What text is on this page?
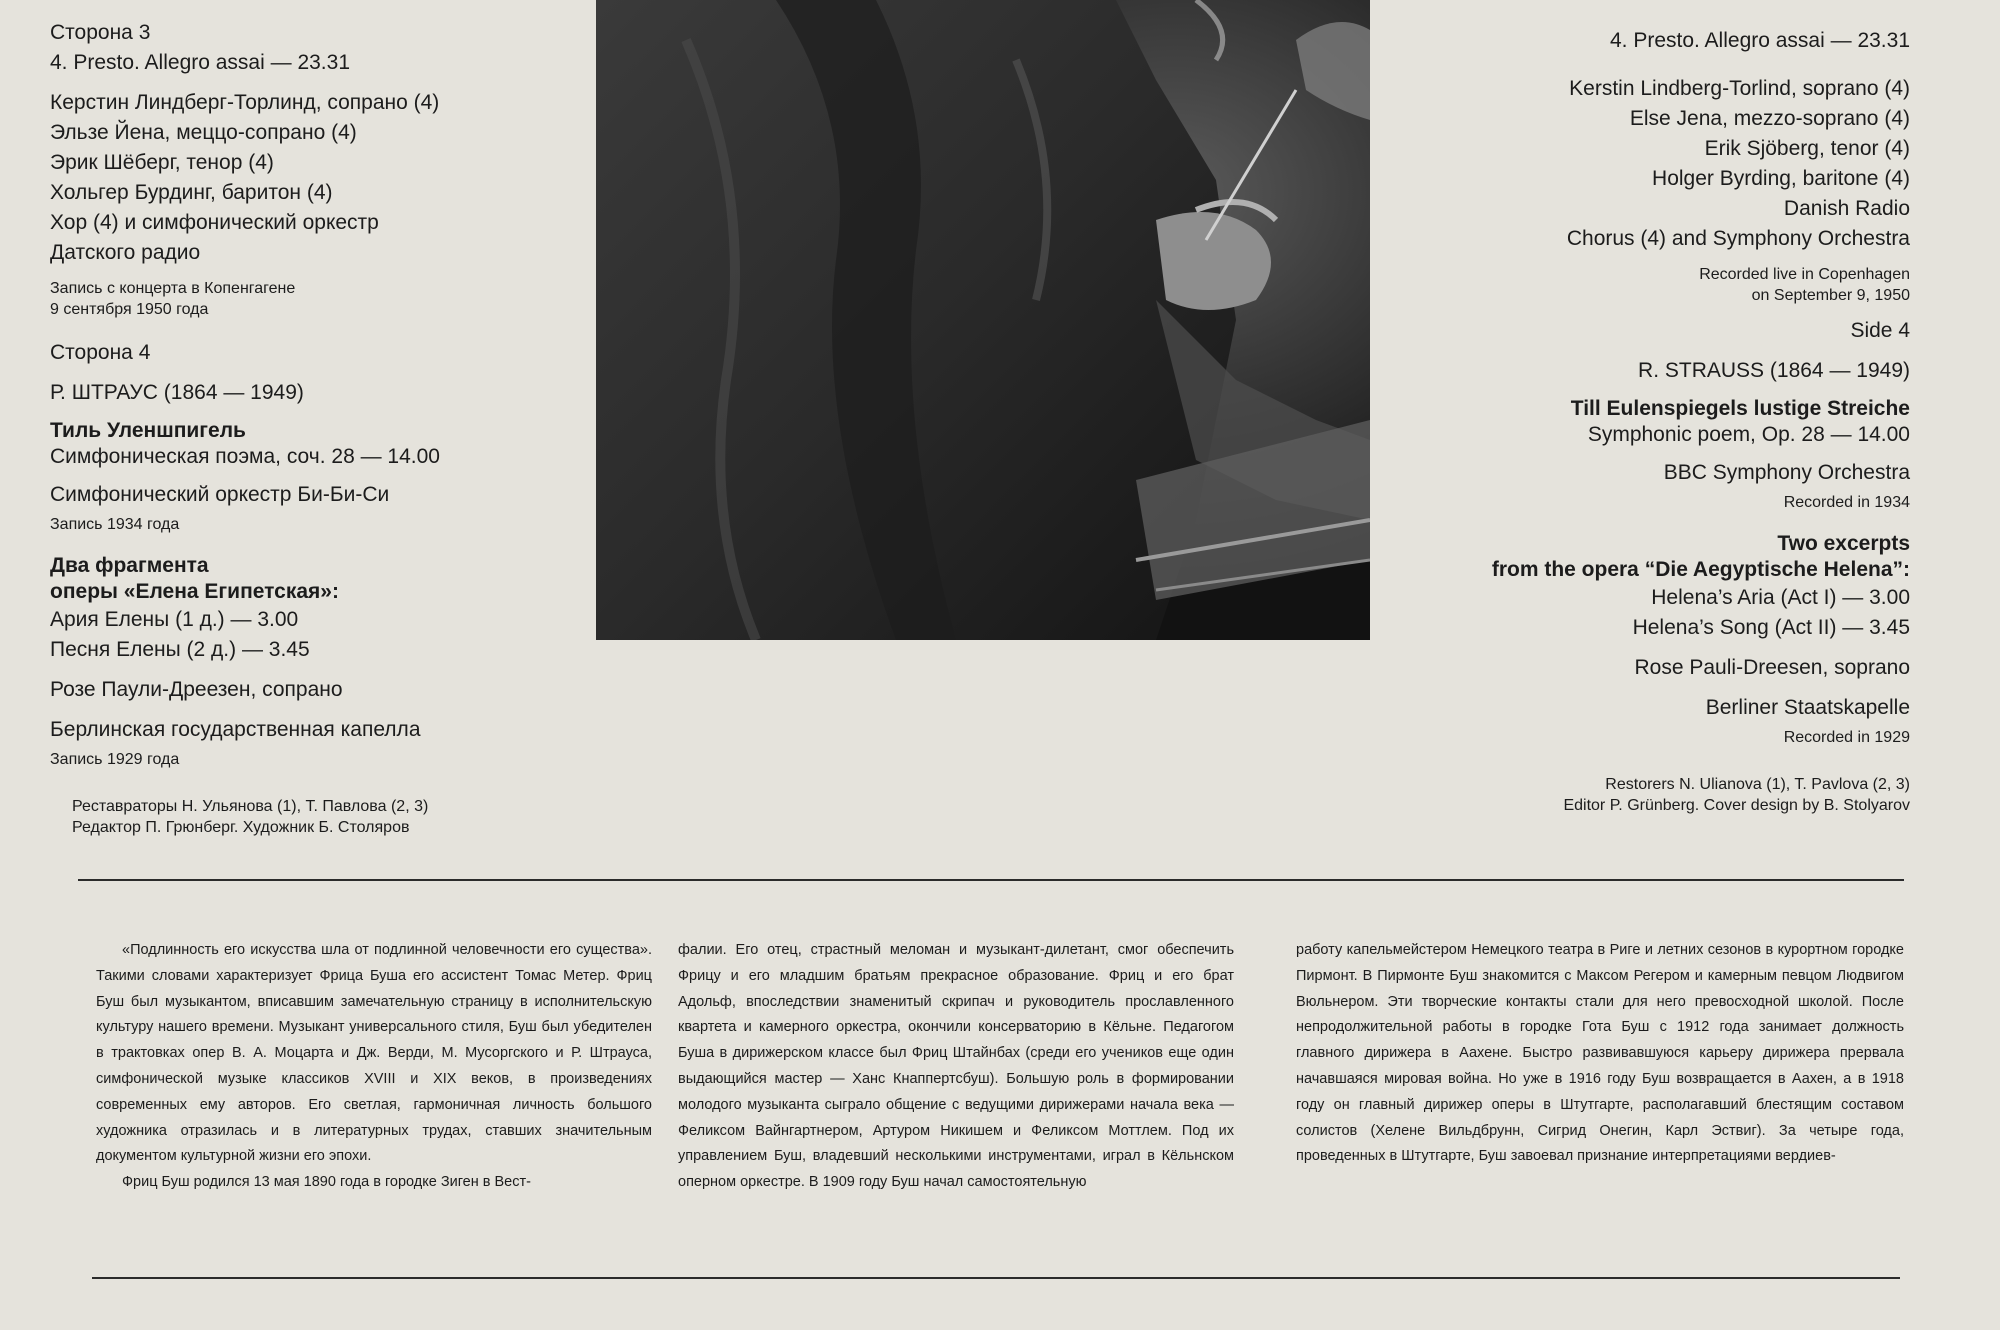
Сторона 3
4. Presto. Allegro assai — 23.31
Керстин Линдберг-Торлинд, сопрано (4)
Эльзе Йена, меццо-сопрано (4)
Эрик Шёберг, тенор (4)
Хольгер Бурдинг, баритон (4)
Хор (4) и симфонический оркестр
Датского радио
Запись с концерта в Копенгагене
9 сентября 1950 года
Сторона 4
Р. ШТРАУС (1864 — 1949)
Тиль Уленшпигель
Симфоническая поэма, соч. 28 — 14.00
Симфонический оркестр Би-Би-Си
Запись 1934 года
Два фрагмента
оперы «Елена Египетская»:
Ария Елены (1 д.) — 3.00
Песня Елены (2 д.) — 3.45
Розе Паули-Дреезен, сопрано
Берлинская государственная капелла
Запись 1929 года
Реставраторы Н. Ульянова (1), Т. Павлова (2, 3)
Редактор П. Грюнберг. Художник Б. Столяров
4. Presto. Allegro assai — 23.31
Kerstin Lindberg-Torlind, soprano (4)
Else Jena, mezzo-soprano (4)
Erik Sjöberg, tenor (4)
Holger Byrding, baritone (4)
Danish Radio
Chorus (4) and Symphony Orchestra
Recorded live in Copenhagen
on September 9, 1950
Side 4
R. STRAUSS (1864 — 1949)
Till Eulenspiegels lustige Streiche
Symphonic poem, Op. 28 — 14.00
BBC Symphony Orchestra
Recorded in 1934
Two excerpts
from the opera “Die Aegyptische Helena”:
Helena’s Aria (Act I) — 3.00
Helena’s Song (Act II) — 3.45
Rose Pauli-Dreesen, soprano
Berliner Staatskapelle
Recorded in 1929
Restorers N. Ulianova (1), T. Pavlova (2, 3)
Editor P. Grünberg. Cover design by B. Stolyarov

«Подлинность его искусства шла от подлинной человечности его существа». Такими словами характеризует Фрица Буша его ассистент Томас Метер. Фриц Буш был музыкантом, вписавшим замечательную страницу в исполнительскую культуру нашего времени. Музыкант универсального стиля, Буш был убедителен в трактовках опер В. А. Моцарта и Дж. Верди, М. Мусоргского и Р. Штрауса, симфонической музыке классиков XVIII и XIX веков, в произведениях современных ему авторов. Его светлая, гармоничная личность большого художника отразилась и в литературных трудах, ставших значительным документом культурной жизни его эпохи.

Фриц Буш родился 13 мая 1890 года в городке Зиген в Вест-

фалии. Его отец, страстный меломан и музыкант-дилетант, смог обеспечить Фрицу и его младшим братьям прекрасное образование. Фриц и его брат Адольф, впоследствии знаменитый скрипач и руководитель прославленного квартета и камерного оркестра, окончили консерваторию в Кёльне. Педагогом Буша в дирижерском классе был Фриц Штайнбах (среди его учеников еще один выдающийся мастер — Ханс Кнаппертсбуш). Большую роль в формировании молодого музыканта сыграло общение с ведущими дирижерами начала века — Феликсом Вайнгартнером, Артуром Никишем и Феликсом Моттлем. Под их управлением Буш, владевший несколькими инструментами, играл в Кёльнском оперном оркестре. В 1909 году Буш начал самостоятельную

работу капельмейстером Немецкого театра в Риге и летних сезонов в курортном городке Пирмонт. В Пирмонте Буш знакомится с Максом Регером и камерным певцом Людвигом Вюльнером. Эти творческие контакты стали для него превосходной школой. После непродолжительной работы в городке Гота Буш с 1912 года занимает должность главного дирижера в Аахене. Быстро развивавшуюся карьеру дирижера прервала начавшаяся мировая война. Но уже в 1916 году Буш возвращается в Аахен, а в 1918 году он главный дирижер оперы в Штутгарте, располагавший блестящим составом солистов (Хелене Вильдбрунн, Сигрид Онегин, Карл Эствиг). За четыре года, проведенных в Штутгарте, Буш завоевал признание интерпретациями вердиев-
